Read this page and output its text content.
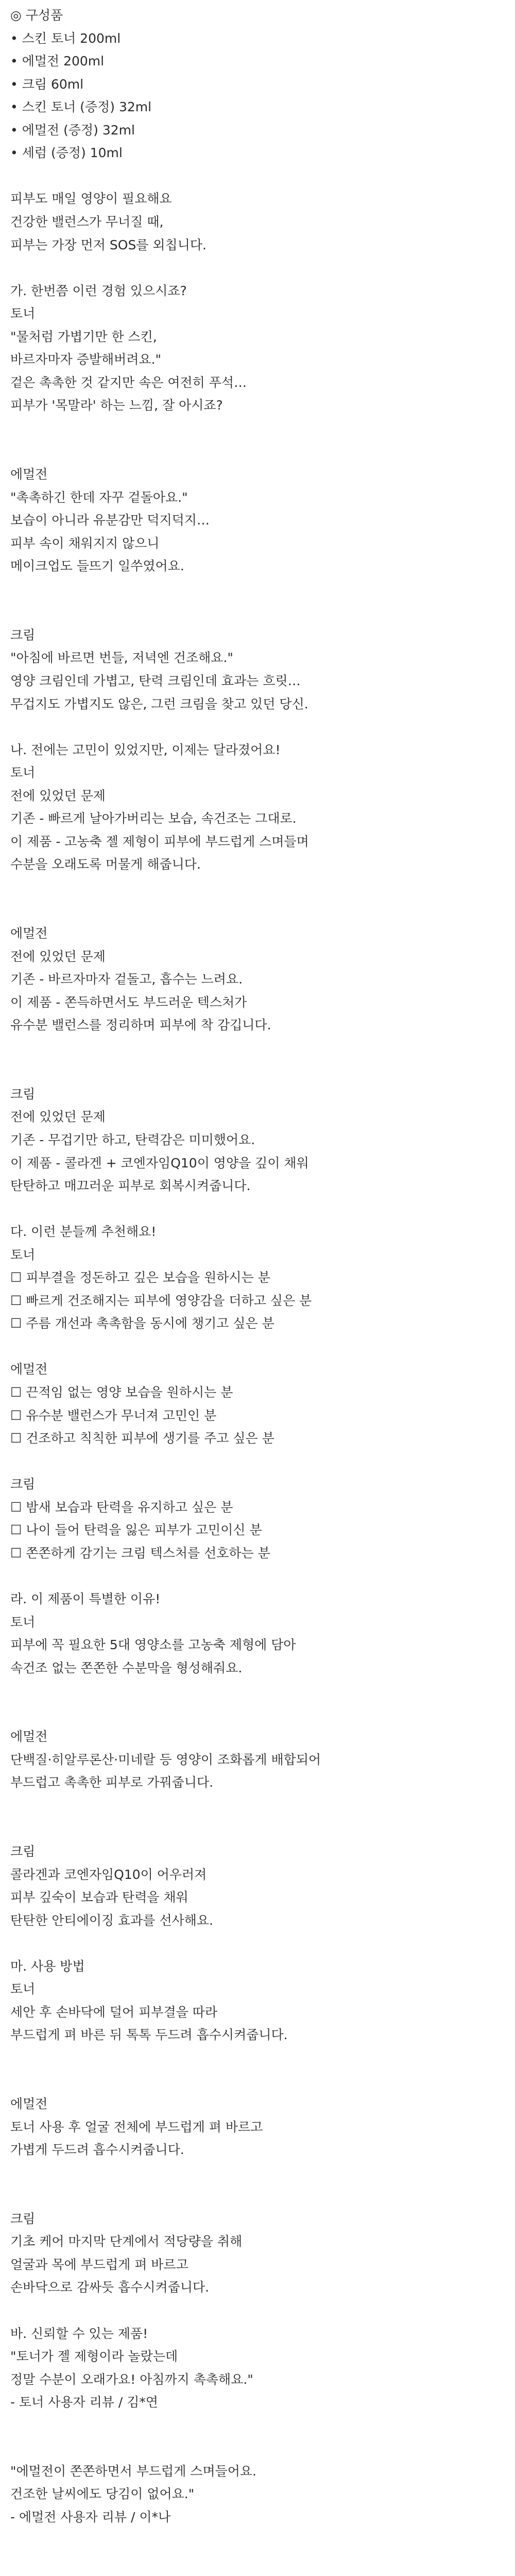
◎ 구성품

• 스킨 토너 200ml

• 에멀전 200ml

• 크림 60ml

• 스킨 토너 (증정) 32ml

• 에멀전 (증정) 32ml

• 세럼 (증정) 10ml

피부도 매일 영양이 필요해요

건강한 밸런스가 무너질 때,

피부는 가장 먼저 SOS를 외칩니다.

가. 한번쯤 이런 경험 있으시죠?

토너

"물처럼 가볍기만 한 스킨,

바르자마자 증발해버려요."

겉은 촉촉한 것 같지만 속은 여전히 푸석…

피부가 '목말라' 하는 느낌, 잘 아시죠?

에멀전

"촉촉하긴 한데 자꾸 겉돌아요."

보습이 아니라 유분감만 덕지덕지…

피부 속이 채워지지 않으니

메이크업도 들뜨기 일쑤였어요.

크림

"아침에 바르면 번들, 저녁엔 건조해요."

영양 크림인데 가볍고, 탄력 크림인데 효과는 흐릿…

무겁지도 가볍지도 않은, 그런 크림을 찾고 있던 당신.

나. 전에는 고민이 있었지만, 이제는 달라졌어요!

토너

전에 있었던 문제

기존 - 빠르게 날아가버리는 보습, 속건조는 그대로.

이 제품 - 고농축 젤 제형이 피부에 부드럽게 스며들며

수분을 오래도록 머물게 해줍니다.

에멀전

전에 있었던 문제

기존 - 바르자마자 겉돌고, 흡수는 느려요.

이 제품 - 쫀득하면서도 부드러운 텍스처가

유수분 밸런스를 정리하며 피부에 착 감깁니다.

크림

전에 있었던 문제

기존 - 무겁기만 하고, 탄력감은 미미했어요.

이 제품 - 콜라겐 + 코엔자임Q10이 영양을 깊이 채워

탄탄하고 매끄러운 피부로 회복시켜줍니다.

다. 이런 분들께 추천해요!

토너

☐ 피부결을 정돈하고 깊은 보습을 원하시는 분

☐ 빠르게 건조해지는 피부에 영양감을 더하고 싶은 분

☐ 주름 개선과 촉촉함을 동시에 챙기고 싶은 분

에멀전

☐ 끈적임 없는 영양 보습을 원하시는 분

☐ 유수분 밸런스가 무너져 고민인 분

☐ 건조하고 칙칙한 피부에 생기를 주고 싶은 분

크림

☐ 밤새 보습과 탄력을 유지하고 싶은 분

☐ 나이 들어 탄력을 잃은 피부가 고민이신 분

☐ 쫀쫀하게 감기는 크림 텍스처를 선호하는 분

라. 이 제품이 특별한 이유!

토너

피부에 꼭 필요한 5대 영양소를 고농축 제형에 담아

속건조 없는 쫀쫀한 수분막을 형성해줘요.

에멀전

단백질·히알루론산·미네랄 등 영양이 조화롭게 배합되어

부드럽고 촉촉한 피부로 가꿔줍니다.

크림

콜라겐과 코엔자임Q10이 어우러져

피부 깊숙이 보습과 탄력을 채워

탄탄한 안티에이징 효과를 선사해요.

마. 사용 방법

토너

세안 후 손바닥에 덜어 피부결을 따라

부드럽게 펴 바른 뒤 톡톡 두드려 흡수시켜줍니다.

에멀전

토너 사용 후 얼굴 전체에 부드럽게 펴 바르고

가볍게 두드려 흡수시켜줍니다.

크림

기초 케어 마지막 단계에서 적당량을 취해

얼굴과 목에 부드럽게 펴 바르고

손바닥으로 감싸듯 흡수시켜줍니다.

바. 신뢰할 수 있는 제품!

"토너가 젤 제형이라 놀랐는데

정말 수분이 오래가요! 아침까지 촉촉해요."

- 토너 사용자 리뷰 / 김*연

"에멀전이 쫀쫀하면서 부드럽게 스며들어요.

건조한 날씨에도 당김이 없어요."

- 에멀전 사용자 리뷰 / 이*나
